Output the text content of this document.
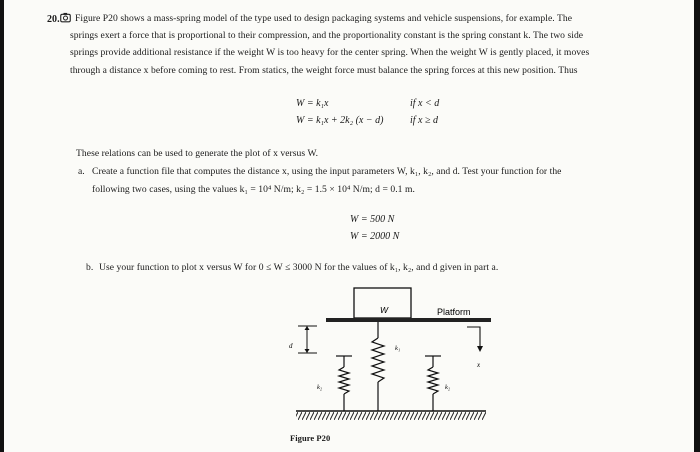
20. Figure P20 shows a mass-spring model of the type used to design packaging systems and vehicle suspensions, for example. The
springs exert a force that is proportional to their compression, and the proportionality constant is the spring constant k. The two side
springs provide additional resistance if the weight W is too heavy for the center spring. When the weight W is gently placed, it moves
through a distance x before coming to rest. From statics, the weight force must balance the spring forces at this new position. Thus
W = k₁x	if x < d
W = k₁x + 2k₂ (x − d)	if x ≥ d
These relations can be used to generate the plot of x versus W.
a. Create a function file that computes the distance x, using the input parameters W, k₁, k₂, and d. Test your function for the
following two cases, using the values k₁ = 10⁴ N/m; k₂ = 1.5 × 10⁴ N/m; d = 0.1 m.
W = 500 N
W = 2000 N
b. Use your function to plot x versus W for 0 ≤ W ≤ 3000 N for the values of k₁, k₂, and d given in part a.
W	Platform
x
d	k₁
k₂	k₂
Figure P20
